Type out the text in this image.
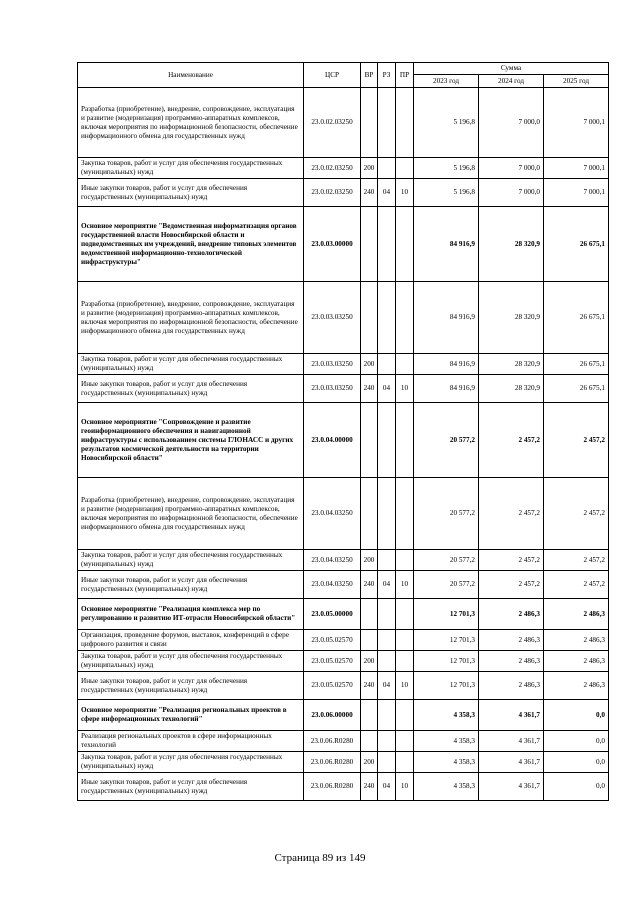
Наименование	ЦСР	ВР	РЗ	ПР	Сумма		
					2023 год	2024 год	2025 год
Разработка (приобретение), внедрение, сопровождение, эксплуатация и развитие (модернизация) программно-аппаратных комплексов, включая мероприятия по информационной безопасности, обеспечение информационного обмена для государственных нужд	23.0.02.03250				5 196,8	7 000,0	7 000,1
Закупка товаров, работ и услуг для обеспечения государственных (муниципальных) нужд	23.0.02.03250	200			5 196,8	7 000,0	7 000,1
Иные закупки товаров, работ и услуг для обеспечения государственных (муниципальных) нужд	23.0.02.03250	240	04	10	5 196,8	7 000,0	7 000,1
Основное мероприятие "Ведомственная информатизация органов государственной власти Новосибирской области и подведомственных им учреждений, внедрение типовых элементов ведомственной информационно-технологической инфраструктуры"	23.0.03.00000				84 916,9	28 320,9	26 675,1
Разработка (приобретение), внедрение, сопровождение, эксплуатация и развитие (модернизация) программно-аппаратных комплексов, включая мероприятия по информационной безопасности, обеспечение информационного обмена для государственных нужд	23.0.03.03250				84 916,9	28 320,9	26 675,1
Закупка товаров, работ и услуг для обеспечения государственных (муниципальных) нужд	23.0.03.03250	200			84 916,9	28 320,9	26 675,1
Иные закупки товаров, работ и услуг для обеспечения государственных (муниципальных) нужд	23.0.03.03250	240	04	10	84 916,9	28 320,9	26 675,1
Основное мероприятие "Сопровождение и развитие геоинформационного обеспечения и навигационной инфраструктуры с использованием системы ГЛОНАСС и других результатов космической деятельности на территории Новосибирской области"	23.0.04.00000				20 577,2	2 457,2	2 457,2
Разработка (приобретение), внедрение, сопровождение, эксплуатация и развитие (модернизация) программно-аппаратных комплексов, включая мероприятия по информационной безопасности, обеспечение информационного обмена для государственных нужд	23.0.04.03250				20 577,2	2 457,2	2 457,2
Закупка товаров, работ и услуг для обеспечения государственных (муниципальных) нужд	23.0.04.03250	200			20 577,2	2 457,2	2 457,2
Иные закупки товаров, работ и услуг для обеспечения государственных (муниципальных) нужд	23.0.04.03250	240	04	10	20 577,2	2 457,2	2 457,2
Основное мероприятие "Реализация комплекса мер по регулированию и развитию ИТ-отрасли Новосибирской области"	23.0.05.00000				12 701,3	2 486,3	2 486,3
Организация, проведение форумов, выставок, конференций в сфере цифрового развития и связи	23.0.05.02570				12 701,3	2 486,3	2 486,3
Закупка товаров, работ и услуг для обеспечения государственных (муниципальных) нужд	23.0.05.02570	200			12 701,3	2 486,3	2 486,3
Иные закупки товаров, работ и услуг для обеспечения государственных (муниципальных) нужд	23.0.05.02570	240	04	10	12 701,3	2 486,3	2 486,3
Основное мероприятие "Реализация региональных проектов в сфере информационных технологий"	23.0.06.00000				4 358,3	4 361,7	0,0
Реализация региональных проектов в сфере информационных технологий	23.0.06.R0280				4 358,3	4 361,7	0,0
Закупка товаров, работ и услуг для обеспечения государственных (муниципальных) нужд	23.0.06.R0280	200			4 358,3	4 361,7	0,0
Иные закупки товаров, работ и услуг для обеспечения государственных (муниципальных) нужд	23.0.06.R0280	240	04	10	4 358,3	4 361,7	0,0
Страница 89 из 149
